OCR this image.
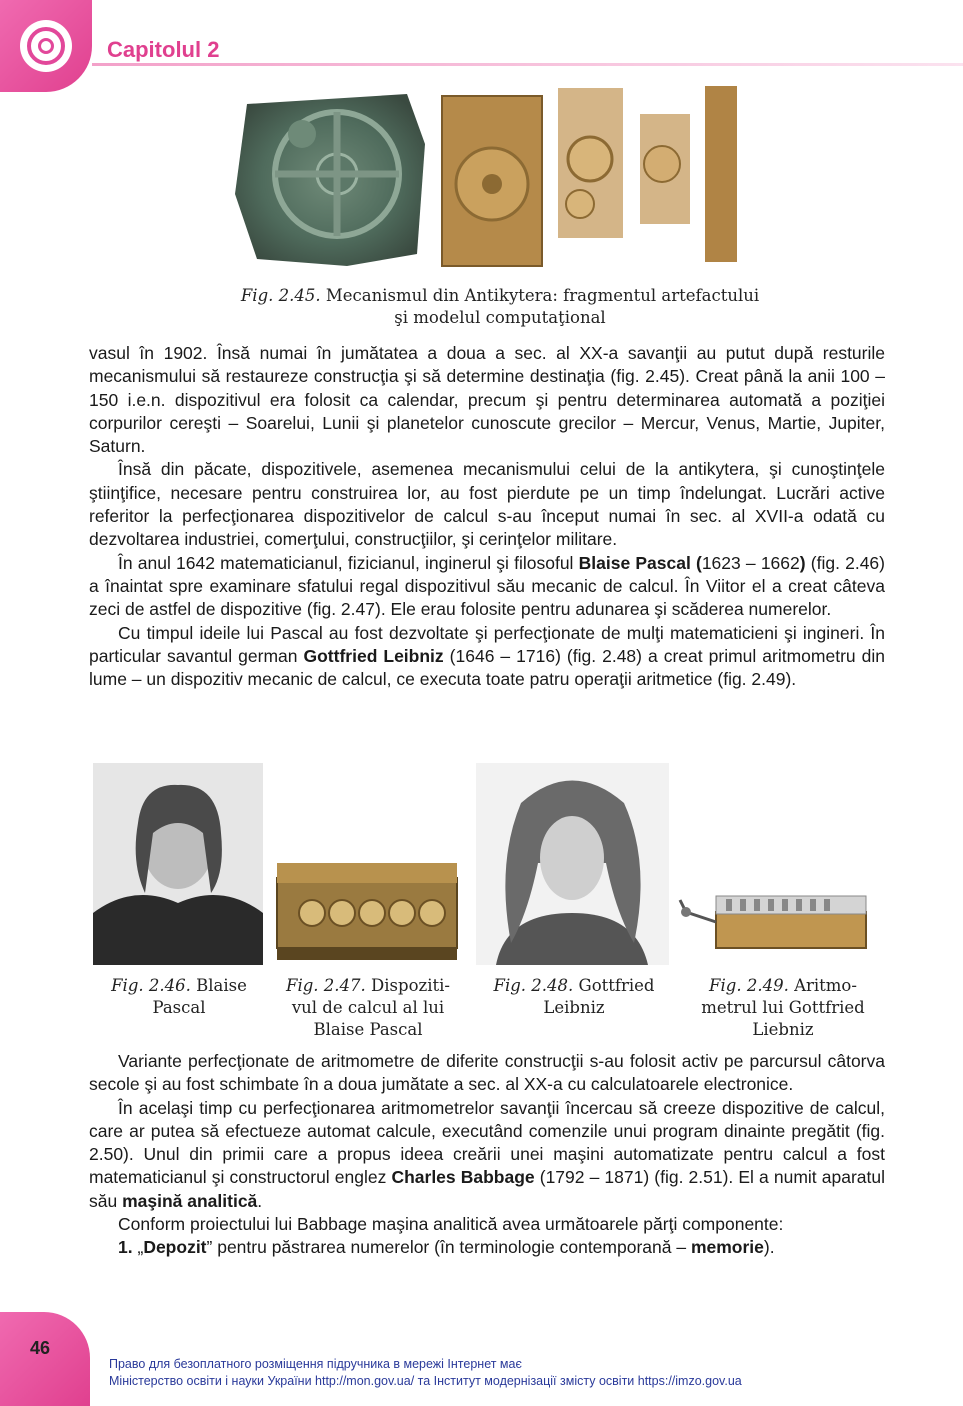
Capitolul 2
Fig. 2.45. Mecanismul din Antikytera: fragmentul artefactului
şi modelul computaţional

vasul în 1902. Însă numai în jumătatea a doua a sec. al XX-a savanţii au putut după resturile mecanismului să restaureze construcţia şi să determine destinaţia (fig. 2.45). Creat până la anii 100 – 150 i.e.n. dispozitivul era folosit ca calendar, precum şi pentru determinarea automată a poziţiei corpurilor cereşti – Soarelui, Lunii şi planetelor cunoscute grecilor – Mercur, Venus, Martie, Jupiter, Saturn.

Însă din păcate, dispozitivele, asemenea mecanismului celui de la antikytera, şi cunoştinţele ştiinţifice, necesare pentru construirea lor, au fost pierdute pe un timp îndelungat. Lucrări active referitor la perfecţionarea dispozitivelor de calcul s-au început numai în sec. al XVII-a odată cu dezvoltarea industriei, comerţului, construcţiilor, şi cerinţelor militare.

În anul 1642 matematicianul, fizicianul, inginerul şi filosoful Blaise Pascal (1623 – 1662) (fig. 2.46) a înaintat spre examinare sfatului regal dispozitivul său mecanic de calcul. În Viitor el a creat câteva zeci de astfel de dispozitive (fig. 2.47). Ele erau folosite pentru adunarea şi scăderea numerelor.

Cu timpul ideile lui Pascal au fost dezvoltate şi perfecţionate de mulţi matematicieni şi ingineri. În particular savantul german Gottfried Leibniz (1646 – 1716) (fig. 2.48) a creat primul aritmometru din lume – un dispozitiv mecanic de calcul, ce executa toate patru operaţii aritmetice (fig. 2.49).

Fig. 2.46. Blaise
Pascal
Fig. 2.47. Dispoziti-
vul de calcul al lui
Blaise Pascal
Fig. 2.48. Gottfried
Leibniz
Fig. 2.49. Aritmo-
metrul lui Gottfried
Liebniz

Variante perfecţionate de aritmometre de diferite construcţii s-au folosit activ pe parcursul câtorva secole şi au fost schimbate în a doua jumătate a sec. al XX-a cu calculatoarele electronice.

În acelaşi timp cu perfecţionarea aritmometrelor savanţii încercau să creeze dispozitive de calcul, care ar putea să efectueze automat calcule, executând comenzile unui program dinainte pregătit (fig. 2.50). Unul din primii care a propus ideea creării unei maşini automatizate pentru calcul a fost matematicianul şi constructorul englez Charles Babbage (1792 – 1871) (fig. 2.51). El a numit aparatul său maşină analitică.

Conform proiectului lui Babbage maşina analitică avea următoarele părţi componente:

1. „Depozit” pentru păstrarea numerelor (în terminologie contemporană – memorie).

46
Право для безоплатного розміщення підручника в мережі Інтернет має
Міністерство освіти і науки України http://mon.gov.ua/ та Інститут модернізації змісту освіти https://imzo.gov.ua
